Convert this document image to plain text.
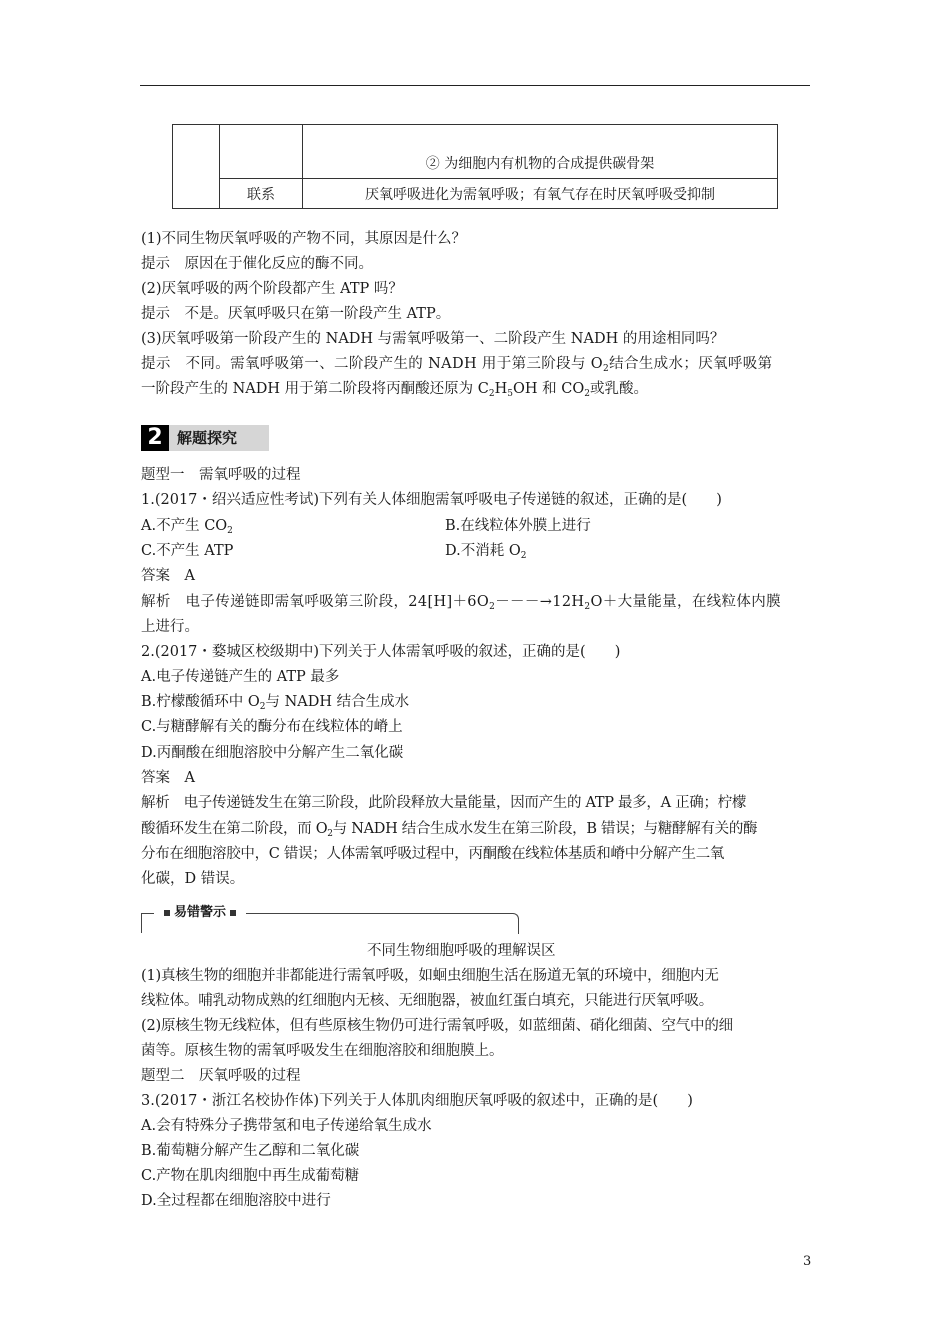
		② 为细胞内有机物的合成提供碳骨架
	联系	厌氧呼吸进化为需氧呼吸；有氧气存在时厌氧呼吸受抑制
(1)不同生物厌氧呼吸的产物不同，其原因是什么？
提示　原因在于催化反应的酶不同。
(2)厌氧呼吸的两个阶段都产生 ATP 吗？
提示　不是。厌氧呼吸只在第一阶段产生 ATP。
(3)厌氧呼吸第一阶段产生的 NADH 与需氧呼吸第一、二阶段产生 NADH 的用途相同吗？
提示　不同。需氧呼吸第一、二阶段产生的 NADH 用于第三阶段与 $O_2$结合生成水；厌氧呼吸第
一阶段产生的 NADH 用于第二阶段将丙酮酸还原为 $C_2H_5OH$ 和 $CO_2$或乳酸。
2 解题探究
题型一　需氧呼吸的过程
1.(2017・绍兴适应性考试)下列有关人体细胞需氧呼吸电子传递链的叙述，正确的是(　　)
A.不产生 $CO_2$	B.在线粒体外膜上进行
C.不产生 ATP	D.不消耗 $O_2$
答案　A
解析　电子传递链即需氧呼吸第三阶段，$24[H]+6O_2---\to 12H_2O+$大量能量，在线粒体内膜
上进行。
2.(2017・婺城区校级期中)下列关于人体需氧呼吸的叙述，正确的是(　　)
A.电子传递链产生的 ATP 最多
B.柠檬酸循环中 $O_2$与 NADH 结合生成水
C.与糖酵解有关的酶分布在线粒体的嵴上
D.丙酮酸在细胞溶胶中分解产生二氧化碳
答案　A
解析　电子传递链发生在第三阶段，此阶段释放大量能量，因而产生的 ATP 最多，A 正确；柠檬
酸循环发生在第二阶段，而 $O_2$与 NADH 结合生成水发生在第三阶段，B 错误；与糖酵解有关的酶
分布在细胞溶胶中，C 错误；人体需氧呼吸过程中，丙酮酸在线粒体基质和嵴中分解产生二氧
化碳，D 错误。
易错警示
不同生物细胞呼吸的理解误区
(1)真核生物的细胞并非都能进行需氧呼吸，如蛔虫细胞生活在肠道无氧的环境中，细胞内无
线粒体。哺乳动物成熟的红细胞内无核、无细胞器，被血红蛋白填充，只能进行厌氧呼吸。
(2)原核生物无线粒体，但有些原核生物仍可进行需氧呼吸，如蓝细菌、硝化细菌、空气中的细
菌等。原核生物的需氧呼吸发生在细胞溶胶和细胞膜上。
题型二　厌氧呼吸的过程
3.(2017・浙江名校协作体)下列关于人体肌肉细胞厌氧呼吸的叙述中，正确的是(　　)
A.会有特殊分子携带氢和电子传递给氧生成水
B.葡萄糖分解产生乙醇和二氧化碳
C.产物在肌肉细胞中再生成葡萄糖
D.全过程都在细胞溶胶中进行
3
